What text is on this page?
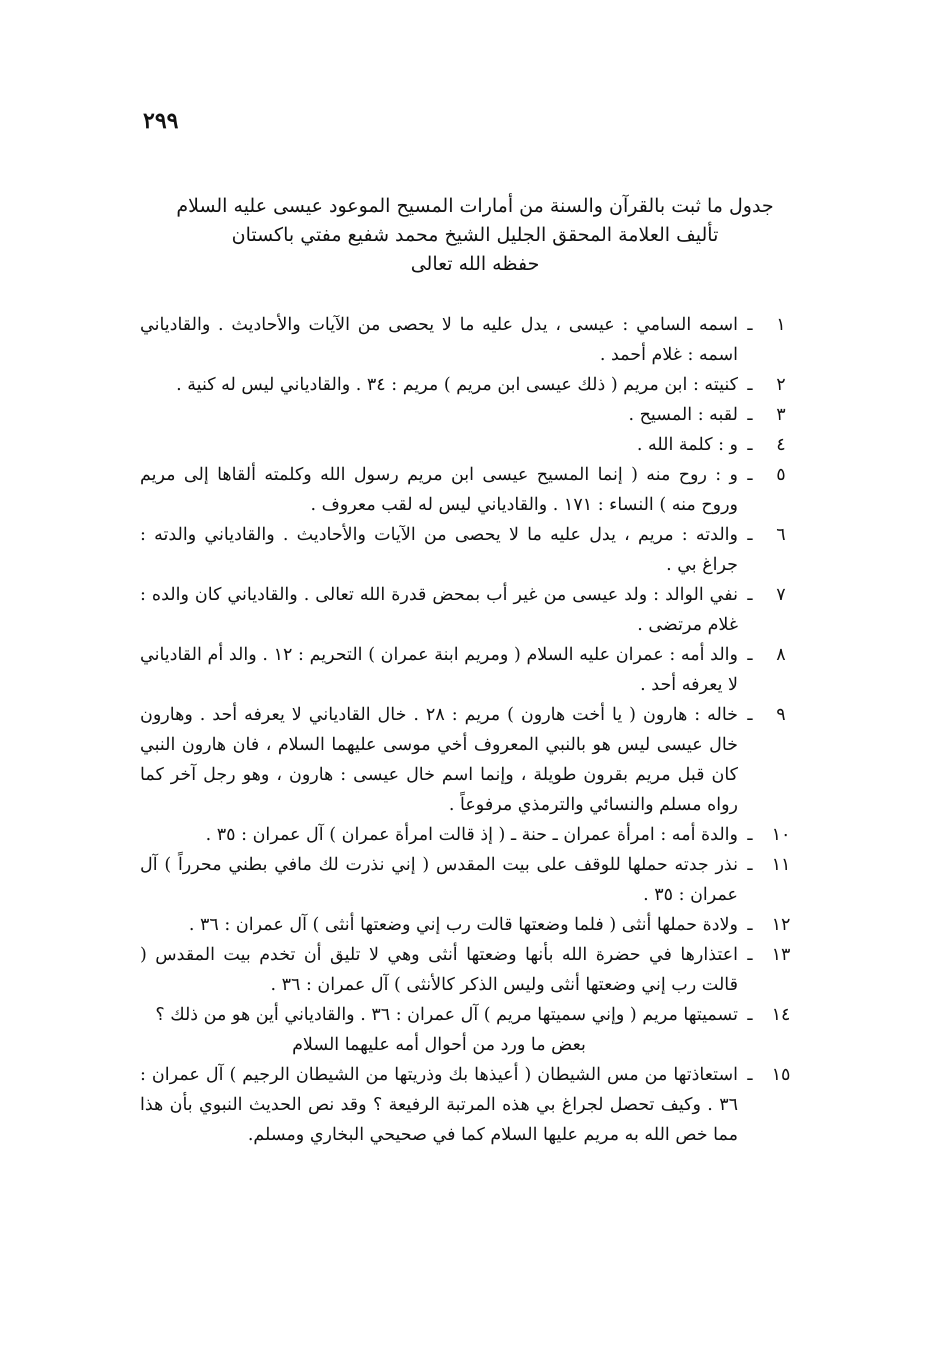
٢٩٩
جدول ما ثبت بالقرآن والسنة من أمارات المسيح الموعود عيسى عليه السلام
تأليف العلامة المحقق الجليل الشيخ محمد شفيع مفتي باكستان
حفظه الله تعالى
١
ـ
اسمه السامي : عيسى ، يدل عليه ما لا يحصى من الآيات والأحاديث . والقادياني اسمه : غلام أحمد .
٢
ـ
كنيته : ابن مريم ( ذلك عيسى ابن مريم ) مريم : ٣٤ . والقادياني ليس له كنية .
٣
ـ
لقبه : المسيح .
٤
ـ
و : كلمة الله .
٥
ـ
و : روح منه ( إنما المسيح عيسى ابن مريم رسول الله وكلمته ألقاها إلى مريم وروح منه ) النساء : ١٧١ . والقادياني ليس له لقب معروف .
٦
ـ
والدته : مريم ، يدل عليه ما لا يحصى من الآيات والأحاديث . والقادياني والدته : جراغ بي .
٧
ـ
نفي الوالد : ولد عيسى من غير أب بمحض قدرة الله تعالى . والقادياني كان والده : غلام مرتضى .
٨
ـ
والد أمه : عمران عليه السلام ( ومريم ابنة عمران ) التحريم : ١٢ . والد أم القادياني لا يعرفه أحد .
٩
ـ
خاله : هارون ( يا أخت هارون ) مريم : ٢٨ . خال القادياني لا يعرفه أحد . وهارون خال عيسى ليس هو بالنبي المعروف أخي موسى عليهما السلام ، فان هارون النبي كان قبل مريم بقرون طويلة ، وإنما اسم خال عيسى : هارون ، وهو رجل آخر كما رواه مسلم والنسائي والترمذي مرفوعاً .
١٠
ـ
والدة أمه : امرأة عمران ـ حنة ـ ( إذ قالت امرأة عمران ) آل عمران : ٣٥ .
١١
ـ
نذر جدته حملها للوقف على بيت المقدس ( إني نذرت لك مافي بطني محرراً ) آل عمران : ٣٥ .
١٢
ـ
ولادة حملها أنثى ( فلما وضعتها قالت رب إني وضعتها أنثى ) آل عمران : ٣٦ .
١٣
ـ
اعتذارها في حضرة الله بأنها وضعتها أنثى وهي لا تليق أن تخدم بيت المقدس ( قالت رب إني وضعتها أنثى وليس الذكر كالأنثى ) آل عمران : ٣٦ .
١٤
ـ
تسميتها مريم ( وإني سميتها مريم ) آل عمران : ٣٦ . والقادياني أين هو من ذلك ؟
بعض ما ورد من أحوال أمه عليهما السلام
١٥
ـ
استعاذتها من مس الشيطان ( أعيذها بك وذريتها من الشيطان الرجيم ) آل عمران : ٣٦ . وكيف تحصل لجراغ بي هذه المرتبة الرفيعة ؟ وقد نص الحديث النبوي بأن هذا مما خص الله به مريم عليها السلام كما في صحيحي البخاري ومسلم.
